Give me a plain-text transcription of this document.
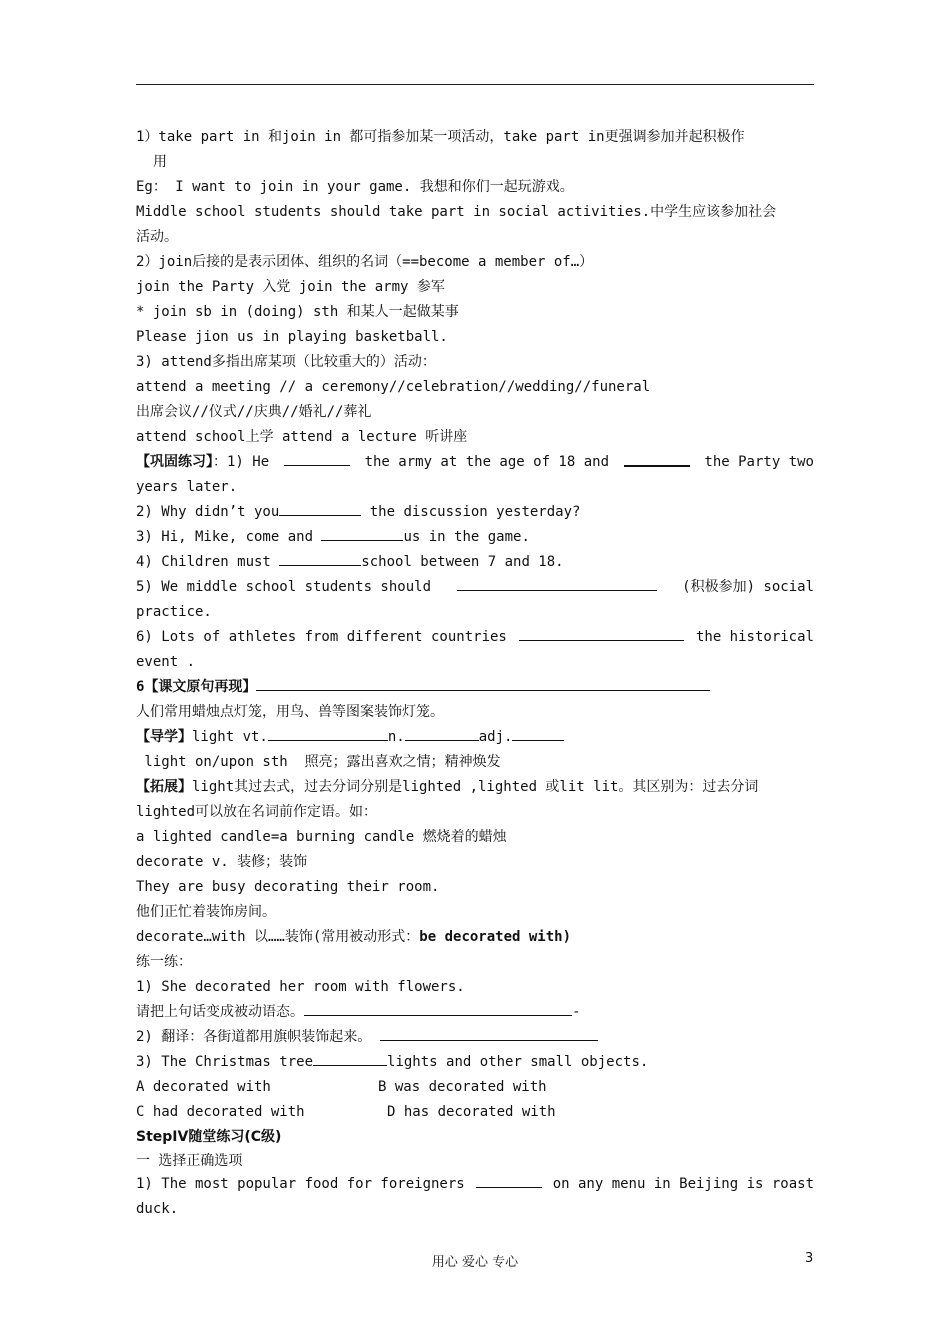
1）take part in 和join in 都可指参加某一项活动，take part in更强调参加并起积极作
用
Eg： I want to join in your game. 我想和你们一起玩游戏。
Middle school students should take part in social activities.中学生应该参加社会
活动。
2）join后接的是表示团体、组织的名词（==become a member of…）
join the Party 入党 join the army 参军
* join sb in (doing) sth 和某人一起做某事
Please jion us in playing basketball.
3) attend多指出席某项（比较重大的）活动：
attend a meeting // a ceremony//celebration//wedding//funeral
出席会议//仪式//庆典//婚礼//葬礼
attend school上学 attend a lecture 听讲座
【巩固练习】：1) He	the army at the age of 18 and	the Party two
years later.
2) Why didn’t you	the discussion yesterday?
3) Hi, Mike, come and	us in the game.
4) Children must	school between 7 and 18.
5) We middle school students should	(积极参加) social
practice.
6) Lots of athletes from different countries	the historical
event .
6【课文原句再现】
人们常用蜡烛点灯笼，用鸟、兽等图案装饰灯笼。
【导学】light vt.	n.	adj.
light on/upon sth  照亮；露出喜欢之情；精神焕发
【拓展】light其过去式，过去分词分别是lighted ,lighted 或lit lit。其区别为：过去分词
lighted可以放在名词前作定语。如：
a lighted candle=a burning candle 燃烧着的蜡烛
decorate v. 装修；装饰
They are busy decorating their room.
他们正忙着装饰房间。
decorate…with 以……装饰(常用被动形式：be decorated with)
练一练：
1) She decorated her room with flowers.
请把上句话变成被动语态。	-
2) 翻译：各街道都用旗帜装饰起来。
3) The Christmas tree	lights and other small objects.
A decorated with	B was decorated with
C had decorated with	D has decorated with
StepIV随堂练习(C级)
一 选择正确选项
1) The most popular food for foreigners	on any menu in Beijing is roast
duck.
用心 爱心 专心	3
